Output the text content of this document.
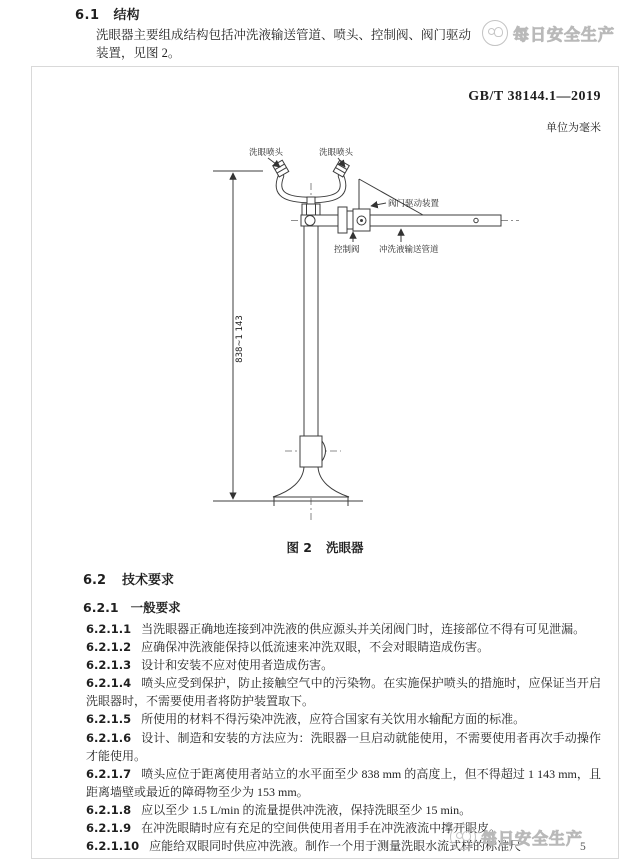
6.1 结构
洗眼器主要组成结构包括冲洗液输送管道、喷头、控制阀、阀门驱动装置，见图 2。
每日安全生产
GB/T 38144.1—2019
单位为毫米
838~1 143
洗眼喷头	洗眼喷头
阀门驱动装置
控制阀 冲洗液输送管道
图 2 洗眼器
6.2 技术要求
6.2.1 一般要求

6.2.1.1 当洗眼器正确地连接到冲洗液的供应源头并关闭阀门时，连接部位不得有可见泄漏。

6.2.1.2 应确保冲洗液能保持以低流速来冲洗双眼，不会对眼睛造成伤害。

6.2.1.3 设计和安装不应对使用者造成伤害。

6.2.1.4 喷头应受到保护，防止接触空气中的污染物。在实施保护喷头的措施时，应保证当开启洗眼器时，不需要使用者将防护装置取下。

6.2.1.5 所使用的材料不得污染冲洗液，应符合国家有关饮用水输配方面的标准。

6.2.1.6 设计、制造和安装的方法应为：洗眼器一旦启动就能使用，不需要使用者再次手动操作才能使用。

6.2.1.7 喷头应位于距离使用者站立的水平面至少 838 mm 的高度上，但不得超过 1 143 mm，且距离墙壁或最近的障碍物至少为 153 mm。

6.2.1.8 应以至少 1.5 L/min 的流量提供冲洗液，保持洗眼至少 15 min。

6.2.1.9 在冲洗眼睛时应有充足的空间供使用者用手在冲洗液流中撑开眼皮。

6.2.1.10 应能给双眼同时供应冲洗液。制作一个用于测量洗眼水流式样的标准尺

每日安全生产
5
